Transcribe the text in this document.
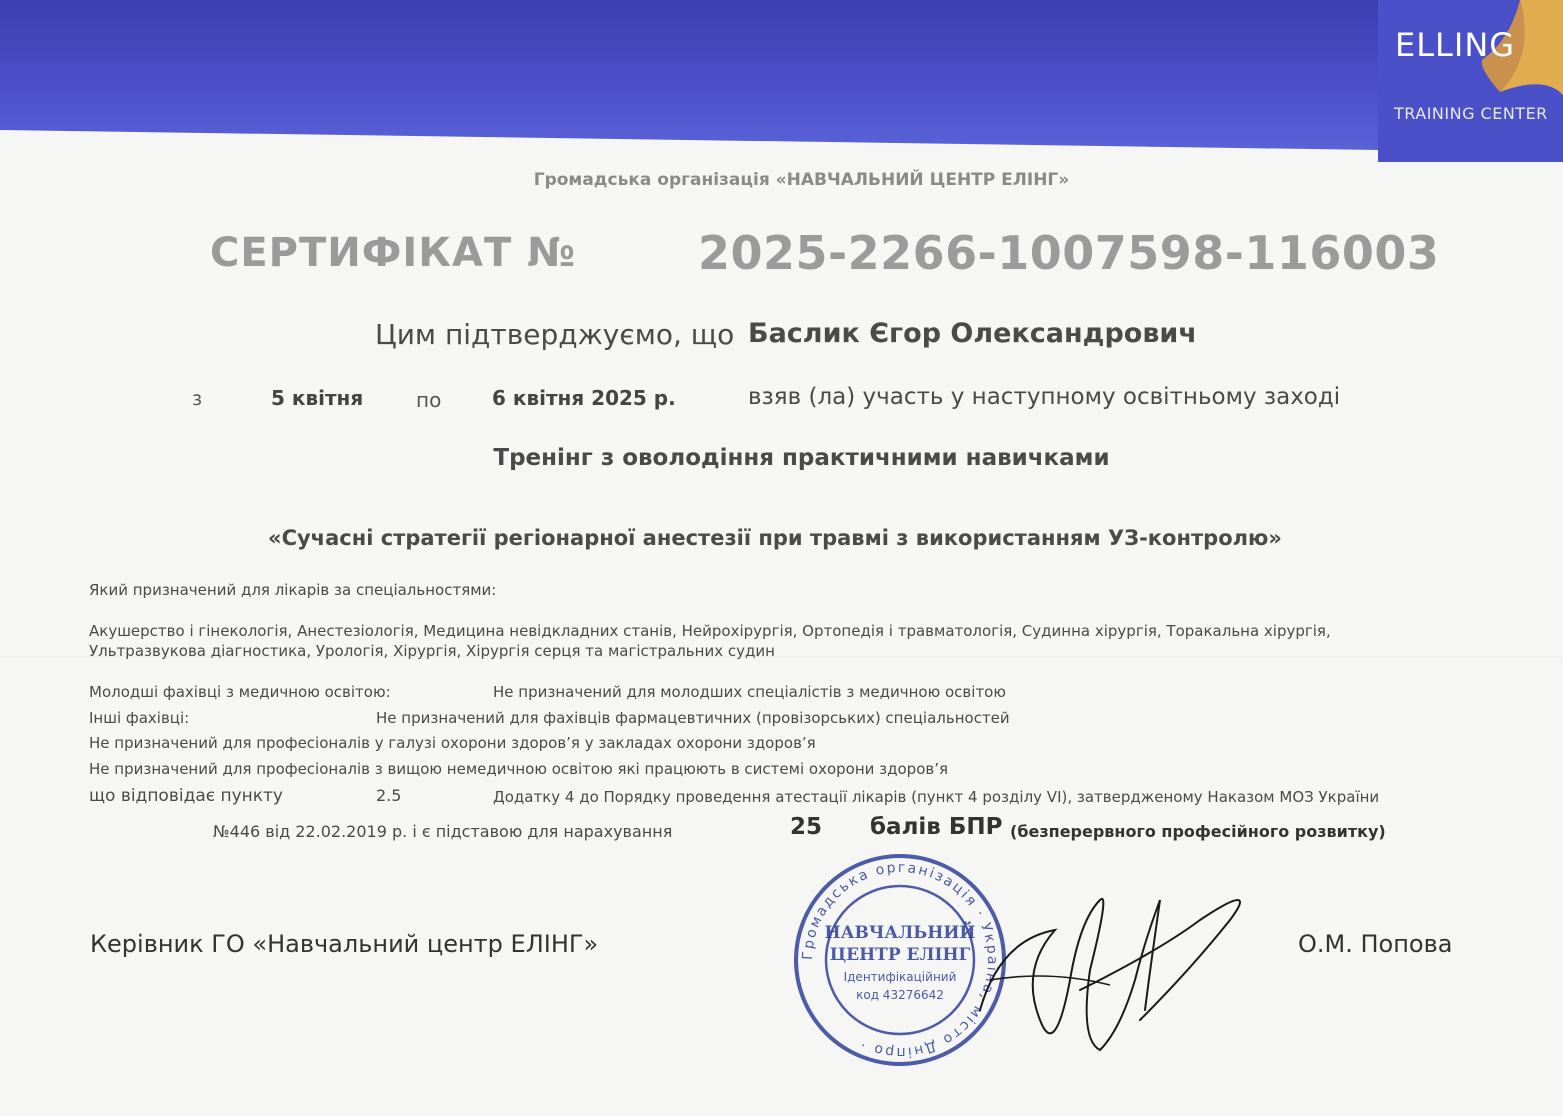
ELLING
TRAINING CENTER
Громадська організація «НАВЧАЛЬНИЙ ЦЕНТР ЕЛІНГ»
СЕРТИФІКАТ №	2025-2266-1007598-116003
Цим підтверджуємо, що Баслик Єгор Олександрович
з	5 квітня	по	6 квітня 2025 р.	взяв (ла) участь у наступному освітньому заході
Тренінг з оволодіння практичними навичками
«Сучасні стратегії регіонарної анестезії при травмі з використанням УЗ-контролю»
Який призначений для лікарів за спеціальностями:
Акушерство і гінекологія, Анестезіологія, Медицина невідкладних станів, Нейрохірургія, Ортопедія і травматологія, Судинна хірургія, Торакальна хірургія,
Ультразвукова діагностика, Урологія, Хірургія, Хірургія серця та магістральних судин
Молодші фахівці з медичною освітою:	Не призначений для молодших спеціалістів з медичною освітою
Інші фахівці:	Не призначений для фахівців фармацевтичних (провізорських) спеціальностей
Не призначений для професіоналів у галузі охорони здоров’я у закладах охорони здоров’я
Не призначений для професіоналів з вищою немедичною освітою які працюють в системі охорони здоров’я
що відповідає пункту	2.5	Додатку 4 до Порядку проведення атестації лікарів (пункт 4 розділу VI), затвердженому Наказом МОЗ України
№446 від 22.02.2019 р. і є підставою для нарахування	25 балів БПР (безперервного професійного розвитку)
Керівник ГО «Навчальний центр ЕЛІНГ»	О.М. Попова
Громадська організація · Україна, місто Дніпро ·
НАВЧАЛЬНИЙ
ЦЕНТР ЕЛІНГ
Ідентифікаційний
код 43276642
